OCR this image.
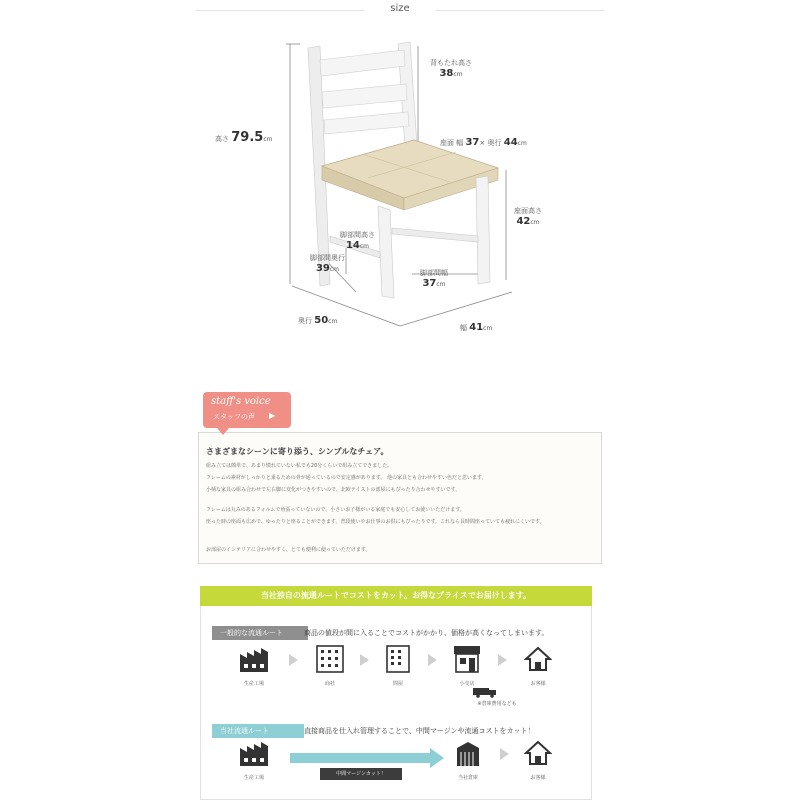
size
高さ 79.5cm
背もたれ高さ
38cm
座面 幅 37× 奥行 44cm
座面高さ
42cm
脚部間高さ
14cm
脚部間奥行
39cm	脚部間幅
37cm
奥行 50cm
幅 41cm
staff's voice
スタッフの声 ▶
さまざまなシーンに寄り添う、シンプルなチェア。
組み立ては簡単で、あまり慣れていない私でも20分くらいで組み立てできました。
フレームの素材がしっかりと乗るための骨が通っているので安定感があります。 他の家具とも合わせやすい色だと思います。
小柄な家具の組み合わせで左右脚に変化がつきやすいので、北欧テイストの部屋にもぴったり合わせやすいです。
フレームは丸みのあるフォルムで角張っていないので、小さいお子様がいる家庭でも安心してお使いいただけます。
座った時の座面も広めで、ゆったりと座ることができます。普段使いやお仕事のお供にもぴったりです。これなら長時間座っていても疲れにくいです。
お部屋のインテリアに合わせやすく、とても便利に使っていただけます。
当社独自の流通ルートでコストをカット。お得なプライスでお届けします。
一般的な流通ルート	商品の値段が間に入ることでコストがかかり、価格が高くなってしまいます。
生産工場	商社	問屋	小売店	お客様
※倉庫費用なども
当社流通ルート	直接商品を仕入れ管理することで、中間マージンや流通コストをカット！
中間マージンカット！
生産工場	当社倉庫	お客様
